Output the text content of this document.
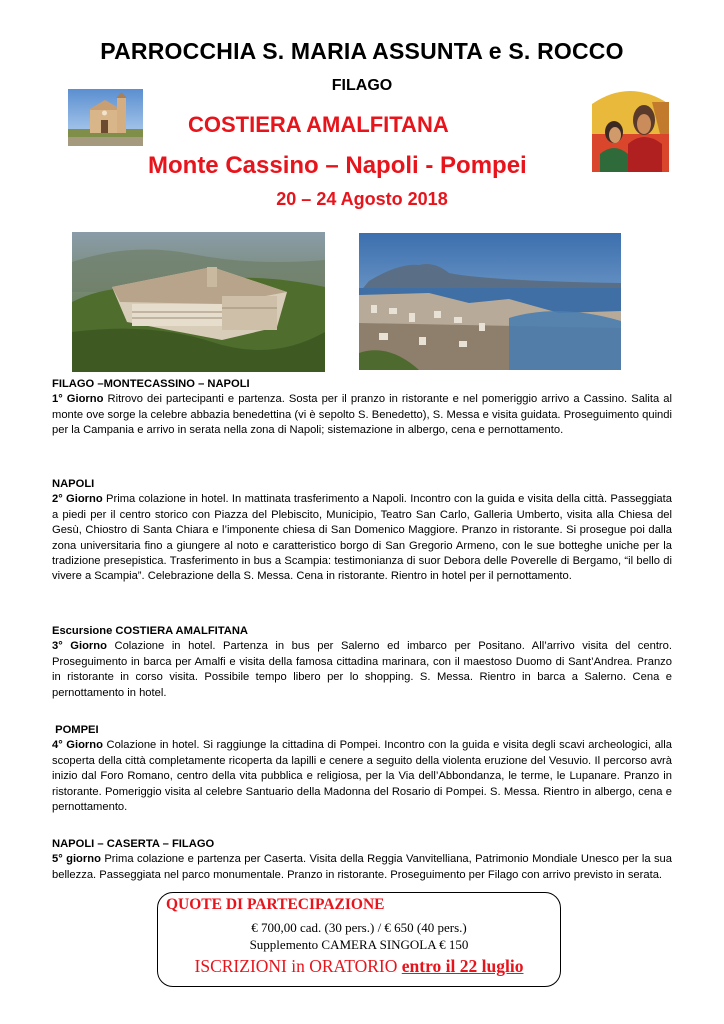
PARROCCHIA S. MARIA ASSUNTA e S. ROCCO
FILAGO
COSTIERA AMALFITANA
Monte Cassino – Napoli - Pompei
20 – 24 Agosto 2018
FILAGO –MONTECASSINO – NAPOLI
1° Giorno Ritrovo dei partecipanti e partenza. Sosta per il pranzo in ristorante e nel pomeriggio arrivo a Cassino. Salita al monte ove sorge la celebre abbazia benedettina (vi è sepolto S. Benedetto), S. Messa e visita guidata. Proseguimento quindi per la Campania e arrivo in serata nella zona di Napoli; sistemazione in albergo, cena e pernottamento.
NAPOLI
2° Giorno Prima colazione in hotel. In mattinata trasferimento a Napoli. Incontro con la guida e visita della città. Passeggiata a piedi per il centro storico con Piazza del Plebiscito, Municipio, Teatro San Carlo, Galleria Umberto, visita alla Chiesa del Gesù, Chiostro di Santa Chiara e l’imponente chiesa di San Domenico Maggiore. Pranzo in ristorante. Si prosegue poi dalla zona universitaria fino a giungere al noto e caratteristico borgo di San Gregorio Armeno, con le sue botteghe uniche per la tradizione presepistica. Trasferimento in bus a Scampia: testimonianza di suor Debora delle Poverelle di Bergamo, “il bello di vivere a Scampia”. Celebrazione della S. Messa. Cena in ristorante. Rientro in hotel per il pernottamento.
Escursione COSTIERA AMALFITANA
3° Giorno Colazione in hotel. Partenza in bus per Salerno ed imbarco per Positano. All’arrivo visita del centro. Proseguimento in barca per Amalfi e visita della famosa cittadina marinara, con il maestoso Duomo di Sant’Andrea. Pranzo in ristorante in corso visita. Possibile tempo libero per lo shopping. S. Messa. Rientro in barca a Salerno. Cena e pernottamento in hotel.
POMPEI
4° Giorno Colazione in hotel. Si raggiunge la cittadina di Pompei. Incontro con la guida e visita degli scavi archeologici, alla scoperta della città completamente ricoperta da lapilli e cenere a seguito della violenta eruzione del Vesuvio. Il percorso avrà inizio dal Foro Romano, centro della vita pubblica e religiosa, per la Via dell’Abbondanza, le terme, le Lupanare. Pranzo in ristorante. Pomeriggio visita al celebre Santuario della Madonna del Rosario di Pompei. S. Messa. Rientro in albergo, cena e pernottamento.
NAPOLI – CASERTA – FILAGO
5° giorno Prima colazione e partenza per Caserta. Visita della Reggia Vanvitelliana, Patrimonio Mondiale Unesco per la sua bellezza. Passeggiata nel parco monumentale. Pranzo in ristorante. Proseguimento per Filago con arrivo previsto in serata.
QUOTE DI PARTECIPAZIONE
€ 700,00 cad. (30 pers.) / € 650 (40 pers.)
Supplemento CAMERA SINGOLA € 150
ISCRIZIONI in ORATORIO entro il 22 luglio
